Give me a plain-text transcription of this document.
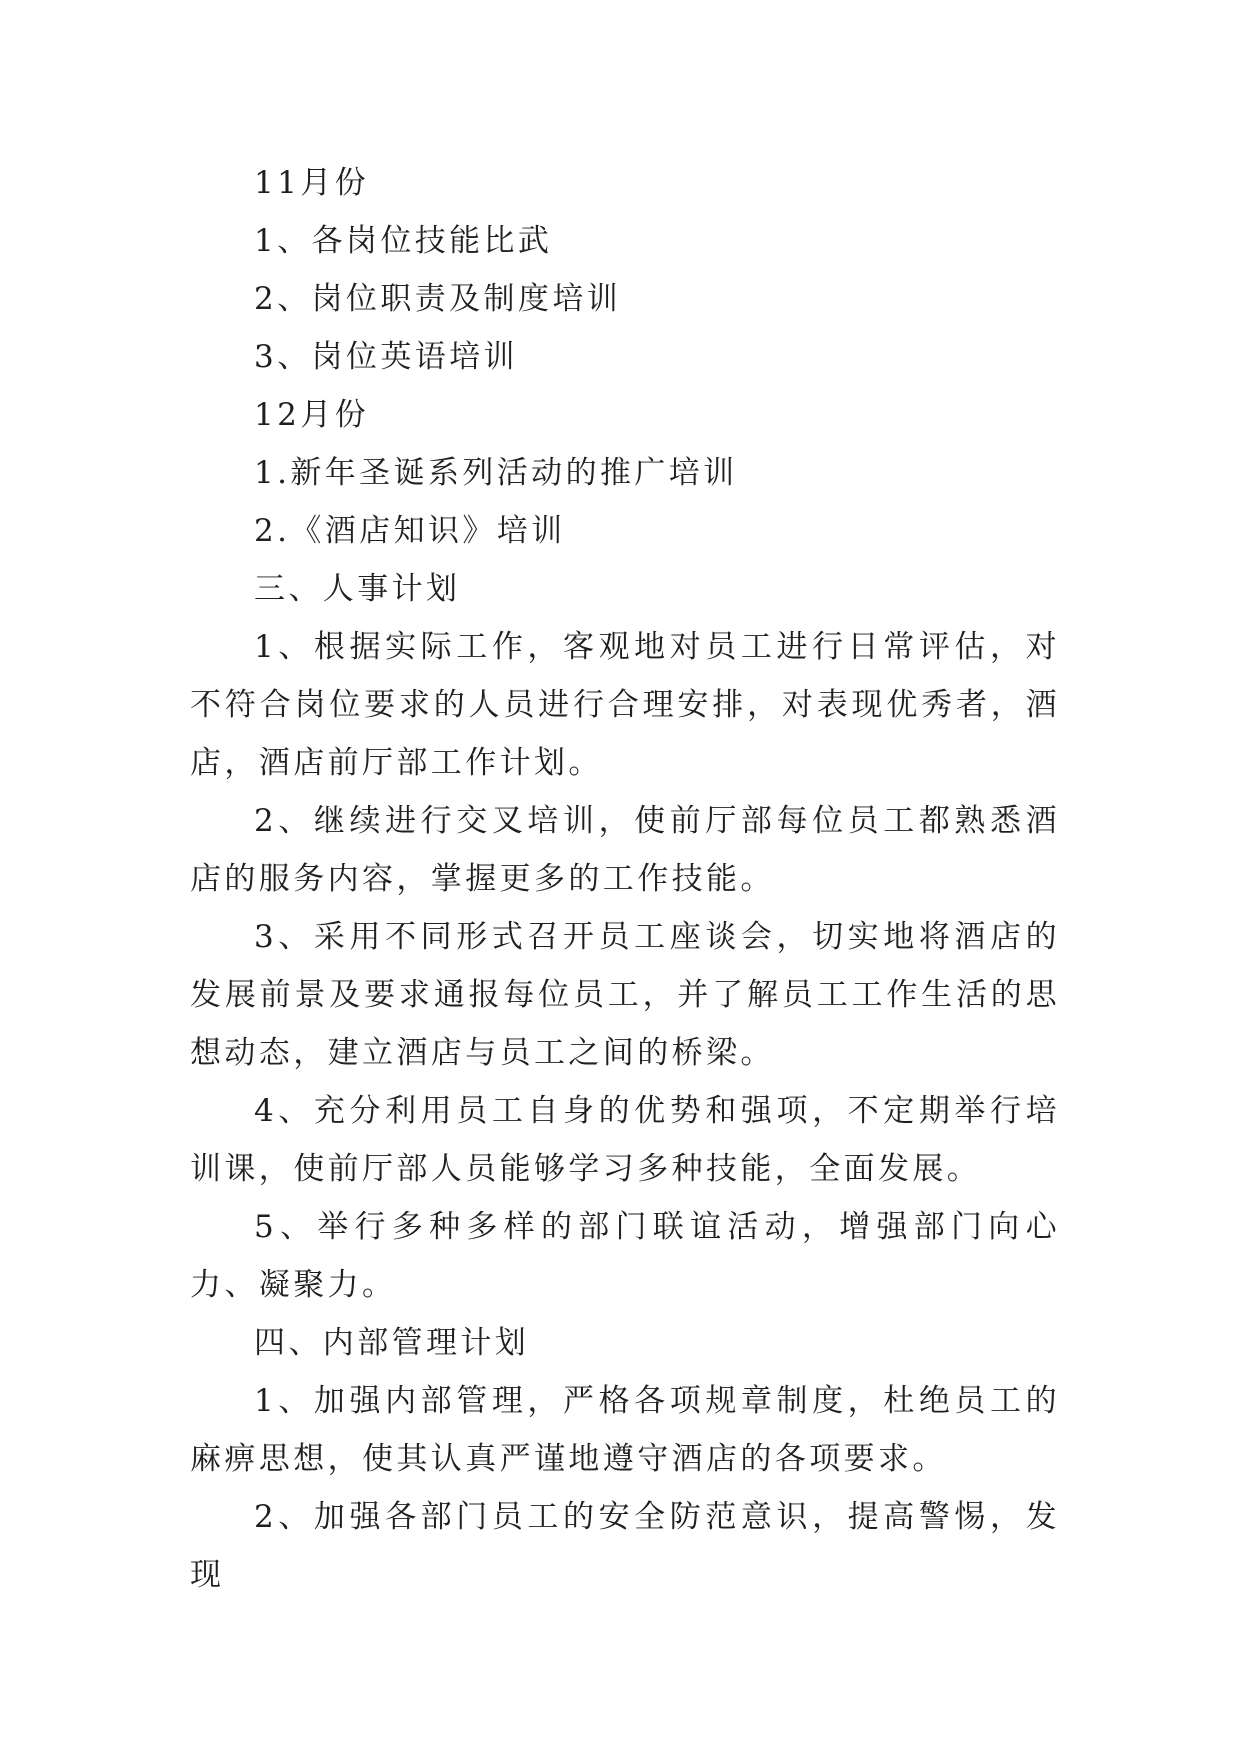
11月份

1、各岗位技能比武

2、岗位职责及制度培训

3、岗位英语培训

12月份

1.新年圣诞系列活动的推广培训

2.《酒店知识》培训

三、人事计划

1、根据实际工作，客观地对员工进行日常评估，对不符合岗位要求的人员进行合理安排，对表现优秀者，酒店，酒店前厅部工作计划。

2、继续进行交叉培训，使前厅部每位员工都熟悉酒店的服务内容，掌握更多的工作技能。

3、采用不同形式召开员工座谈会，切实地将酒店的发展前景及要求通报每位员工，并了解员工工作生活的思想动态，建立酒店与员工之间的桥梁。

4、充分利用员工自身的优势和强项，不定期举行培训课，使前厅部人员能够学习多种技能，全面发展。

5、举行多种多样的部门联谊活动，增强部门向心力、凝聚力。

四、内部管理计划

1、加强内部管理，严格各项规章制度，杜绝员工的麻痹思想，使其认真严谨地遵守酒店的各项要求。

2、加强各部门员工的安全防范意识，提高警惕，发现
